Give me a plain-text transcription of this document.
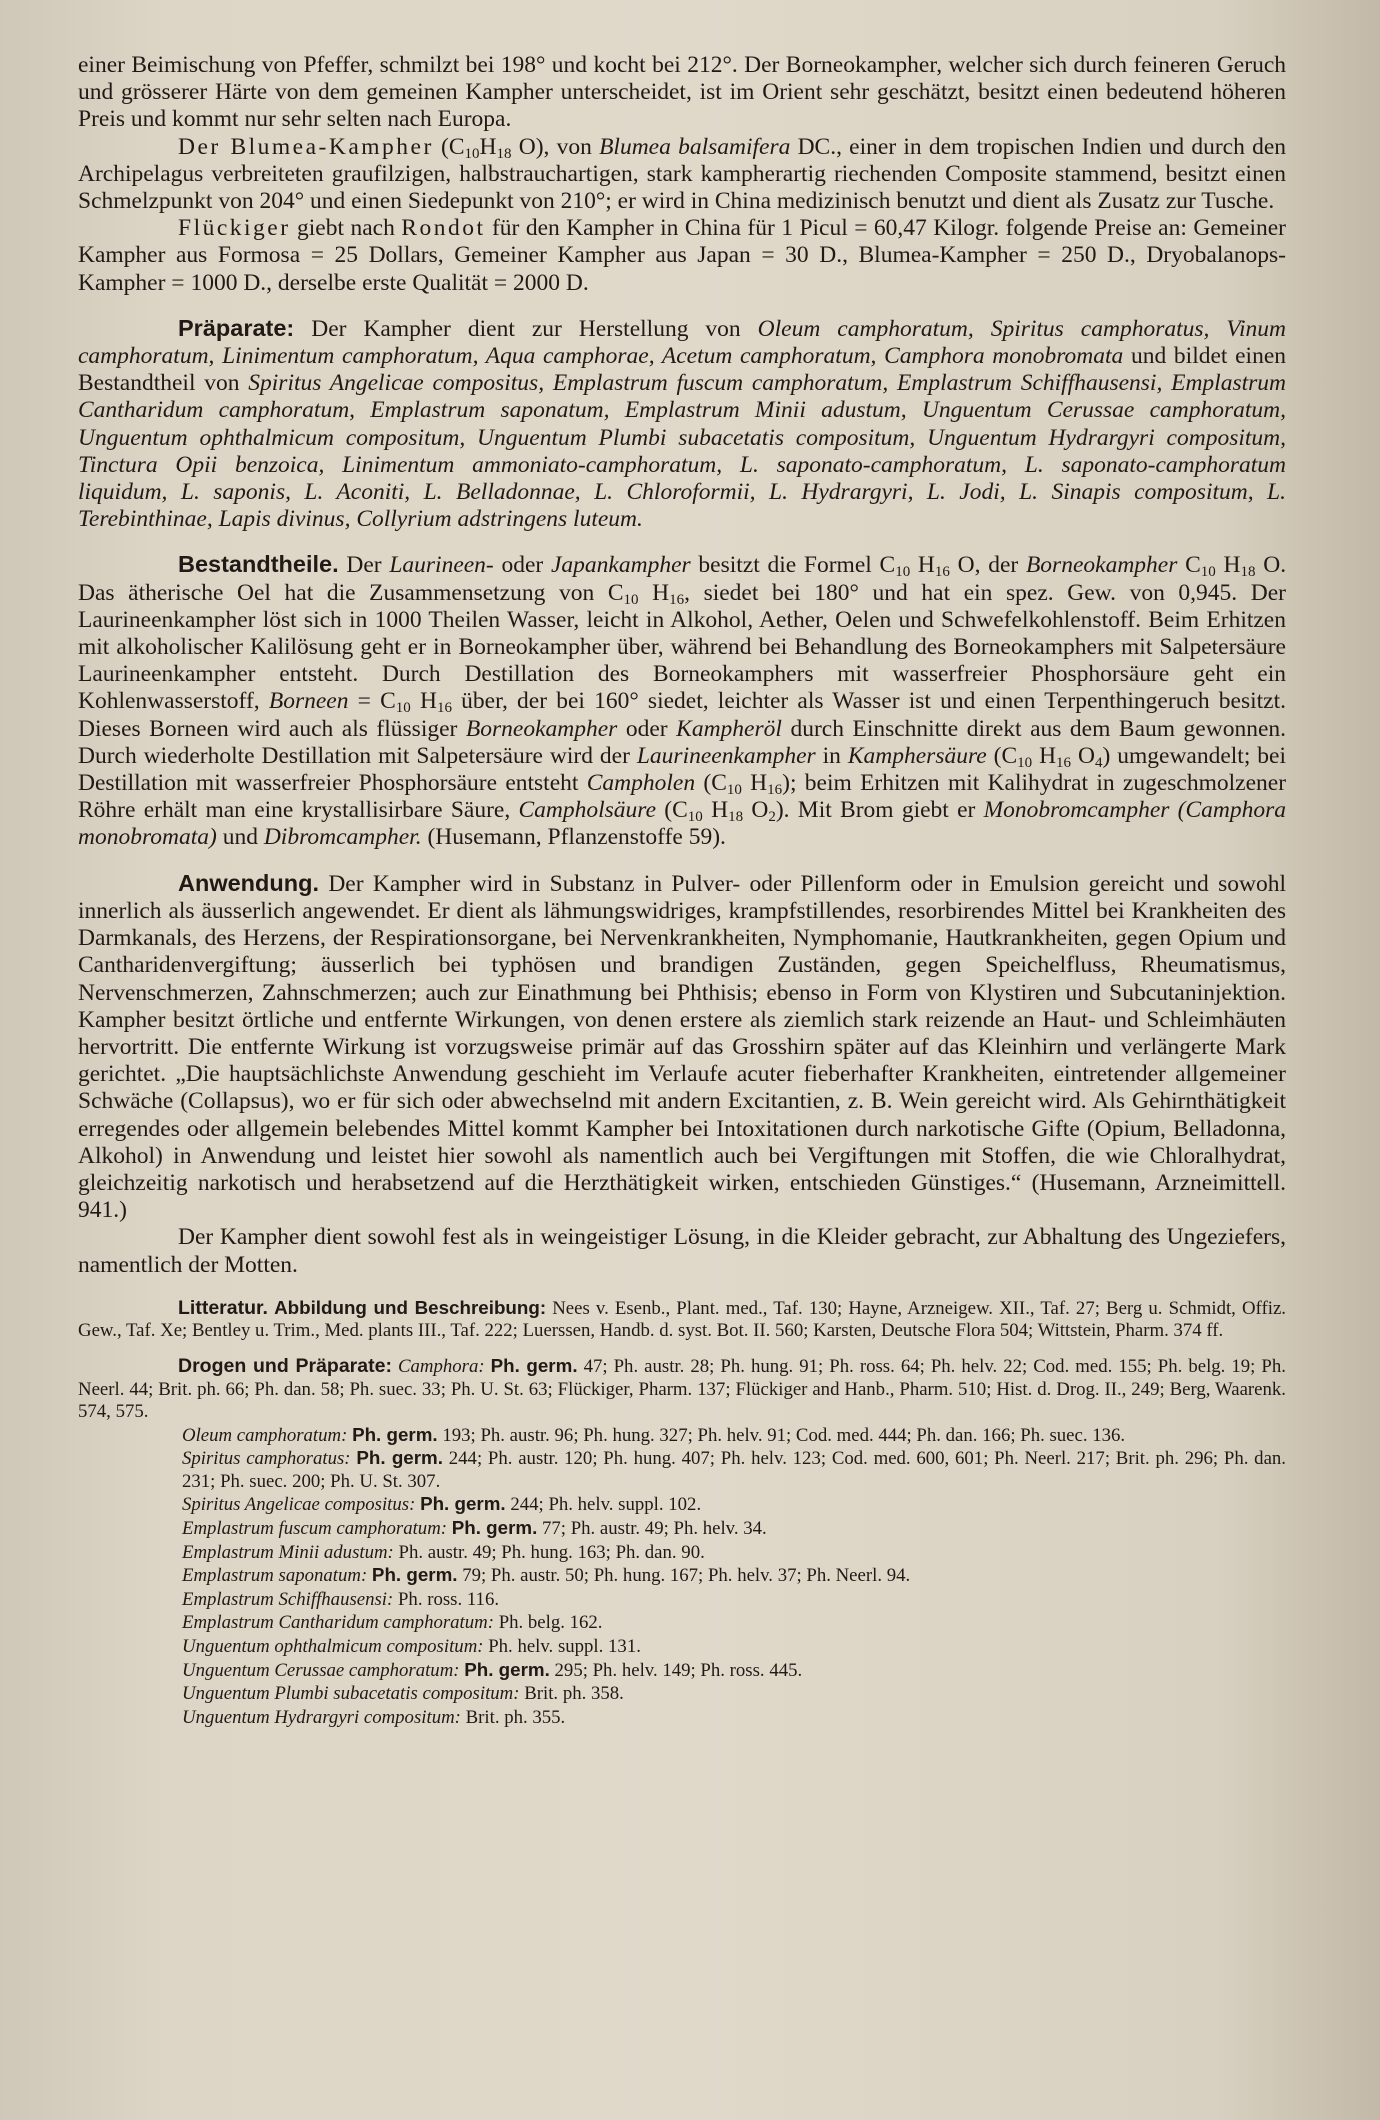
einer Beimischung von Pfeffer, schmilzt bei 198° und kocht bei 212°. Der Borneokampher, welcher sich durch feineren Geruch und grösserer Härte von dem gemeinen Kampher unterscheidet, ist im Orient sehr geschätzt, besitzt einen bedeutend höheren Preis und kommt nur sehr selten nach Europa.

Der Blumea-Kampher ($C_{10}H_{18}$ O), von Blumea balsamifera DC., einer in dem tropischen Indien und durch den Archipelagus verbreiteten graufilzigen, halbstrauchartigen, stark kampherartig riechenden Composite stammend, besitzt einen Schmelzpunkt von 204° und einen Siedepunkt von 210°; er wird in China medizinisch benutzt und dient als Zusatz zur Tusche.

Flückiger giebt nach Rondot für den Kampher in China für 1 Picul = 60,47 Kilogr. folgende Preise an: Gemeiner Kampher aus Formosa = 25 Dollars, Gemeiner Kampher aus Japan = 30 D., Blumea-Kampher = 250 D., Dryobalanops-Kampher = 1000 D., derselbe erste Qualität = 2000 D.

Präparate: Der Kampher dient zur Herstellung von Oleum camphoratum, Spiritus camphoratus, Vinum camphoratum, Linimentum camphoratum, Aqua camphorae, Acetum camphoratum, Camphora monobromata und bildet einen Bestandtheil von Spiritus Angelicae compositus, Emplastrum fuscum camphoratum, Emplastrum Schiffhausensi, Emplastrum Cantharidum camphoratum, Emplastrum saponatum, Emplastrum Minii adustum, Unguentum Cerussae camphoratum, Unguentum ophthalmicum compositum, Unguentum Plumbi subacetatis compositum, Unguentum Hydrargyri compositum, Tinctura Opii benzoica, Linimentum ammoniato-camphoratum, L. saponato-camphoratum, L. saponato-camphoratum liquidum, L. saponis, L. Aconiti, L. Belladonnae, L. Chloroformii, L. Hydrargyri, L. Jodi, L. Sinapis compositum, L. Terebinthinae, Lapis divinus, Collyrium adstringens luteum.

Bestandtheile. Der Laurineen- oder Japankampher besitzt die Formel $C_{10}$ $H_{16}$ O, der Borneokampher $C_{10}$ $H_{18}$ O. Das ätherische Oel hat die Zusammensetzung von $C_{10}$ $H_{16}$, siedet bei 180° und hat ein spez. Gew. von 0,945. Der Laurineenkampher löst sich in 1000 Theilen Wasser, leicht in Alkohol, Aether, Oelen und Schwefelkohlenstoff. Beim Erhitzen mit alkoholischer Kalilösung geht er in Borneokampher über, während bei Behandlung des Borneokamphers mit Salpetersäure Laurineenkampher entsteht. Durch Destillation des Borneokamphers mit wasserfreier Phosphorsäure geht ein Kohlenwasserstoff, Borneen = $C_{10}$ $H_{16}$ über, der bei 160° siedet, leichter als Wasser ist und einen Terpenthingeruch besitzt. Dieses Borneen wird auch als flüssiger Borneokampher oder Kampheröl durch Einschnitte direkt aus dem Baum gewonnen. Durch wiederholte Destillation mit Salpetersäure wird der Laurineenkampher in Kamphersäure ($C_{10}$ $H_{16}$ $O_4$) umgewandelt; bei Destillation mit wasserfreier Phosphorsäure entsteht Campholen ($C_{10}$ $H_{16}$); beim Erhitzen mit Kalihydrat in zugeschmolzener Röhre erhält man eine krystallisirbare Säure, Campholsäure ($C_{10}$ $H_{18}$ $O_2$). Mit Brom giebt er Monobromcampher (Camphora monobromata) und Dibromcampher. (Husemann, Pflanzenstoffe 59).

Anwendung. Der Kampher wird in Substanz in Pulver- oder Pillenform oder in Emulsion gereicht und sowohl innerlich als äusserlich angewendet. Er dient als lähmungswidriges, krampfstillendes, resorbirendes Mittel bei Krankheiten des Darmkanals, des Herzens, der Respirationsorgane, bei Nervenkrankheiten, Nymphomanie, Hautkrankheiten, gegen Opium und Cantharidenvergiftung; äusserlich bei typhösen und brandigen Zuständen, gegen Speichelfluss, Rheumatismus, Nervenschmerzen, Zahnschmerzen; auch zur Einathmung bei Phthisis; ebenso in Form von Klystiren und Subcutaninjektion. Kampher besitzt örtliche und entfernte Wirkungen, von denen erstere als ziemlich stark reizende an Haut- und Schleimhäuten hervortritt. Die entfernte Wirkung ist vorzugsweise primär auf das Grosshirn später auf das Kleinhirn und verlängerte Mark gerichtet. „Die hauptsächlichste Anwendung geschieht im Verlaufe acuter fieberhafter Krankheiten, eintretender allgemeiner Schwäche (Collapsus), wo er für sich oder abwechselnd mit andern Excitantien, z. B. Wein gereicht wird. Als Gehirnthätigkeit erregendes oder allgemein belebendes Mittel kommt Kampher bei Intoxitationen durch narkotische Gifte (Opium, Belladonna, Alkohol) in Anwendung und leistet hier sowohl als namentlich auch bei Vergiftungen mit Stoffen, die wie Chloralhydrat, gleichzeitig narkotisch und herabsetzend auf die Herzthätigkeit wirken, entschieden Günstiges.“ (Husemann, Arzneimittell. 941.)

Der Kampher dient sowohl fest als in weingeistiger Lösung, in die Kleider gebracht, zur Abhaltung des Ungeziefers, namentlich der Motten.

Litteratur. Abbildung und Beschreibung: Nees v. Esenb., Plant. med., Taf. 130; Hayne, Arzneigew. XII., Taf. 27; Berg u. Schmidt, Offiz. Gew., Taf. Xe; Bentley u. Trim., Med. plants III., Taf. 222; Luerssen, Handb. d. syst. Bot. II. 560; Karsten, Deutsche Flora 504; Wittstein, Pharm. 374 ff.

Drogen und Präparate: Camphora: Ph. germ. 47; Ph. austr. 28; Ph. hung. 91; Ph. ross. 64; Ph. helv. 22; Cod. med. 155; Ph. belg. 19; Ph. Neerl. 44; Brit. ph. 66; Ph. dan. 58; Ph. suec. 33; Ph. U. St. 63; Flückiger, Pharm. 137; Flückiger and Hanb., Pharm. 510; Hist. d. Drog. II., 249; Berg, Waarenk. 574, 575.

Oleum camphoratum: Ph. germ. 193; Ph. austr. 96; Ph. hung. 327; Ph. helv. 91; Cod. med. 444; Ph. dan. 166; Ph. suec. 136.

Spiritus camphoratus: Ph. germ. 244; Ph. austr. 120; Ph. hung. 407; Ph. helv. 123; Cod. med. 600, 601; Ph. Neerl. 217; Brit. ph. 296; Ph. dan. 231; Ph. suec. 200; Ph. U. St. 307.

Spiritus Angelicae compositus: Ph. germ. 244; Ph. helv. suppl. 102.

Emplastrum fuscum camphoratum: Ph. germ. 77; Ph. austr. 49; Ph. helv. 34.

Emplastrum Minii adustum: Ph. austr. 49; Ph. hung. 163; Ph. dan. 90.

Emplastrum saponatum: Ph. germ. 79; Ph. austr. 50; Ph. hung. 167; Ph. helv. 37; Ph. Neerl. 94.

Emplastrum Schiffhausensi: Ph. ross. 116.

Emplastrum Cantharidum camphoratum: Ph. belg. 162.

Unguentum ophthalmicum compositum: Ph. helv. suppl. 131.

Unguentum Cerussae camphoratum: Ph. germ. 295; Ph. helv. 149; Ph. ross. 445.

Unguentum Plumbi subacetatis compositum: Brit. ph. 358.

Unguentum Hydrargyri compositum: Brit. ph. 355.
